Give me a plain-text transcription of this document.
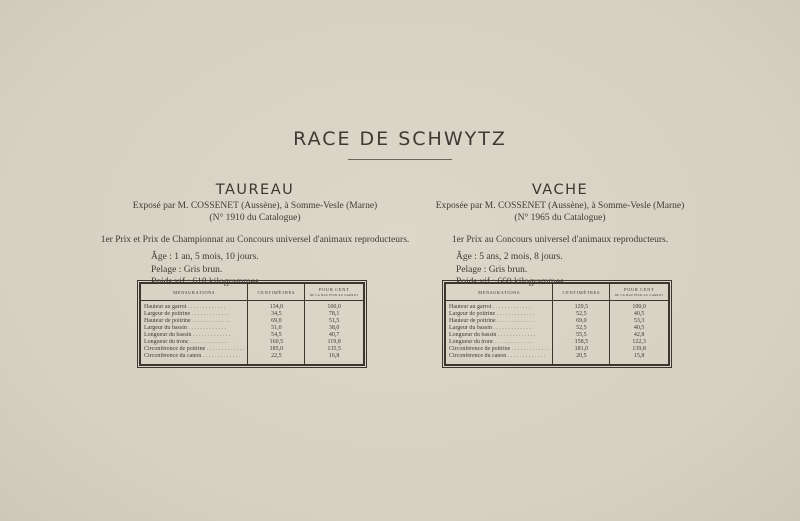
RACE DE SCHWYTZ
TAUREAU
Exposé par M. COSSENET (Aussène), à Somme-Vesle (Marne)
(N° 1910 du Catalogue)
1er Prix et Prix de Championnat au Concours universel d'animaux reproducteurs.
Âge : 1 an, 5 mois, 10 jours.
Pelage : Gris brun.
Poids vif : 618 kilogrammes.
VACHE
Exposée par M. COSSENET (Aussène), à Somme-Vesle (Marne)
(N° 1965 du Catalogue)
1er Prix au Concours universel d'animaux reproducteurs.
Âge : 5 ans, 2 mois, 8 jours.
Pelage : Gris brun.
Poids vif : 660 kilogrammes.
MENSURATIONS	CENTIMÈTRES	POUR CENT
DE LA HAUTEUR AU GARROT

Hauteur au garrot . . . . . . . . . . . . .	134,0	100,0
Largeur de poitrine . . . . . . . . . . . . .	34,5	78,1
Hauteur de poitrine . . . . . . . . . . . . .	69,0	51,5
Largeur du bassin . . . . . . . . . . . . .	51,0	38,0
Longueur du bassin . . . . . . . . . . . . .	54,5	40,7
Longueur du tronc . . . . . . . . . . . . .	160,5	119,8
Circonférence de poitrine . . . . . . . . . . . . .	185,0	135,5
Circonférence du canon . . . . . . . . . . . . .	22,5	16,8
MENSURATIONS	CENTIMÈTRES	POUR CENT
DE LA HAUTEUR AU GARROT

Hauteur au garrot . . . . . . . . . . . . .	129,5	100,0
Largeur de poitrine . . . . . . . . . . . . .	52,5	40,5
Hauteur de poitrine . . . . . . . . . . . . .	69,0	53,3
Largeur du bassin . . . . . . . . . . . . .	52,5	40,5
Longueur du bassin . . . . . . . . . . . . .	55,5	42,8
Longueur du tronc . . . . . . . . . . . . .	158,5	122,3
Circonférence de poitrine . . . . . . . . . . . . .	181,0	139,8
Circonférence du canon . . . . . . . . . . . . .	20,5	15,8
